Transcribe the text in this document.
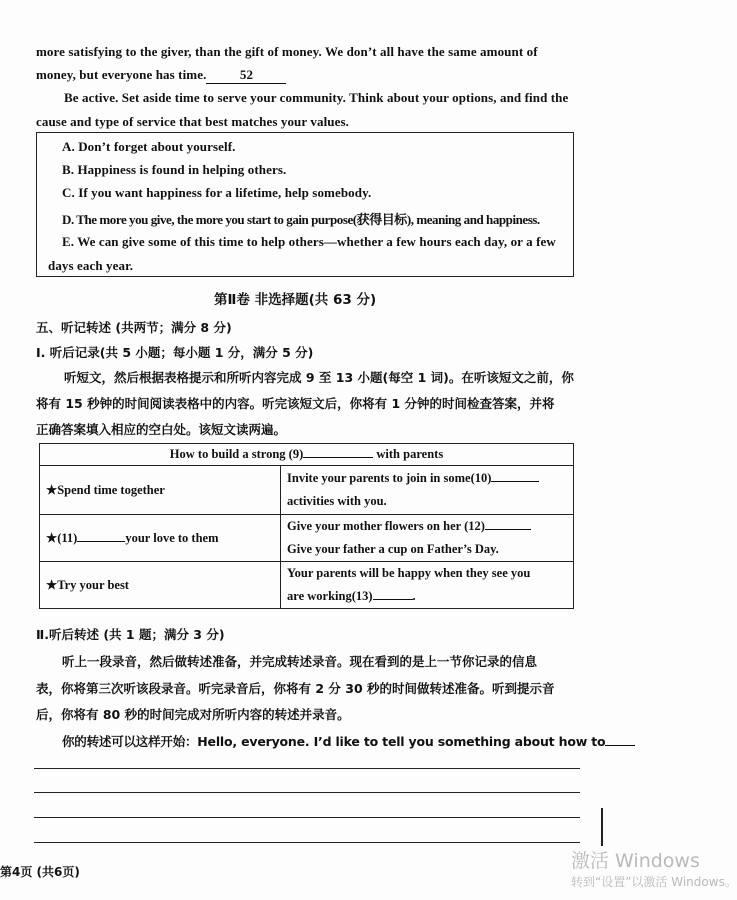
more satisfying to the giver, than the gift of money. We don’t all have the same amount of
money, but everyone has time.	52
Be active. Set aside time to serve your community. Think about your options, and find the
cause and type of service that best matches your values.
A. Don’t forget about yourself.
B. Happiness is found in helping others.
C. If you want happiness for a lifetime, help somebody.
D. The more you give, the more you start to gain purpose(获得目标), meaning and happiness.
E. We can give some of this time to help others—whether a few hours each day, or a few
days each year.
第Ⅱ卷 非选择题(共 63 分)
五、听记转述 (共两节；满分 8 分)
Ⅰ. 听后记录(共 5 小题；每小题 1 分，满分 5 分)
听短文，然后根据表格提示和所听内容完成 9 至 13 小题(每空 1 词)。在听该短文之前，你
将有 15 秒钟的时间阅读表格中的内容。听完该短文后，你将有 1 分钟的时间检查答案，并将
正确答案填入相应的空白处。该短文读两遍。
How to build a strong (9) with parents	
★Spend time together	Invite your parents to join in some(10)
activities with you.

★(11) your love to them	Give your mother flowers on her (12)
Give your father a cup on Father’s Day.

★Try your best	Your parents will be happy when they see you
are working(13) .
Ⅱ.听后转述 (共 1 题；满分 3 分)
听上一段录音，然后做转述准备，并完成转述录音。现在看到的是上一节你记录的信息
表，你将第三次听该段录音。听完录音后，你将有 2 分 30 秒的时间做转述准备。听到提示音
后，你将有 80 秒的时间完成对所听内容的转述并录音。
你的转述可以这样开始：Hello, everyone. I’d like to tell you something about how to
第4页 (共6页)	激活 Windows
转到“设置”以激活 Windows。
